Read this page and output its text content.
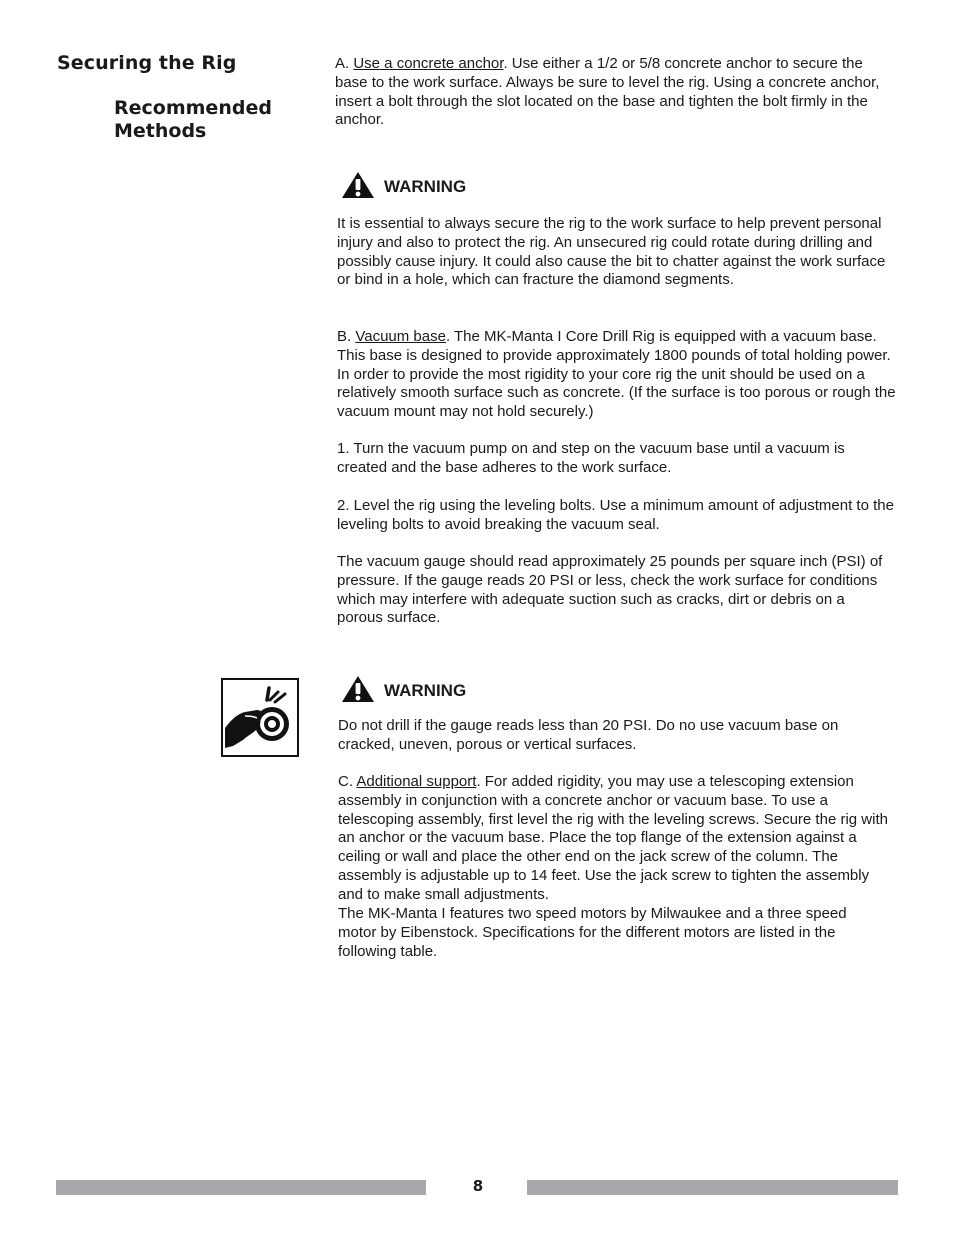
Securing the Rig
Recommended
Methods

A. Use a concrete anchor. Use either a 1/2 or 5/8 concrete anchor to secure the base to the work surface. Always be sure to level the rig. Using a concrete anchor, insert a bolt through the slot located on the base and tighten the bolt firmly in the anchor.

WARNING

It is essential to always secure the rig to the work surface to help prevent personal injury and also to protect the rig. An unsecured rig could rotate during drilling and possibly cause injury. It could also cause the bit to chatter against the work surface or bind in a hole, which can fracture the diamond segments.

B. Vacuum base. The MK-Manta I Core Drill Rig is equipped with a vacuum base. This base is designed to provide approximately 1800 pounds of total holding power. In order to provide the most rigidity to your core rig the unit should be used on a relatively smooth surface such as concrete. (If the surface is too porous or rough the vacuum mount may not hold securely.)

1. Turn the vacuum pump on and step on the vacuum base until a vacuum is created and the base adheres to the work surface.

2. Level the rig using the leveling bolts. Use a minimum amount of adjustment to the leveling bolts to avoid breaking the vacuum seal.

The vacuum gauge should read approximately 25 pounds per square inch (PSI) of pressure. If the gauge reads 20 PSI or less, check the work surface for conditions which may interfere with adequate suction such as cracks, dirt or debris on a porous surface.

WARNING

Do not drill if the gauge reads less than 20 PSI. Do no use vacuum base on cracked, uneven, porous or vertical surfaces.

C. Additional support. For added rigidity, you may use a telescoping extension assembly in conjunction with a concrete anchor or vacuum base. To use a telescoping assembly, first level the rig with the leveling screws. Secure the rig with an anchor or the vacuum base. Place the top flange of the extension against a ceiling or wall and place the other end on the jack screw of the column. The assembly is adjustable up to 14 feet. Use the jack screw to tighten the assembly and to make small adjustments.

The MK-Manta I features two speed motors by Milwaukee and a three speed motor by Eibenstock. Specifications for the different motors are listed in the following table.

8
